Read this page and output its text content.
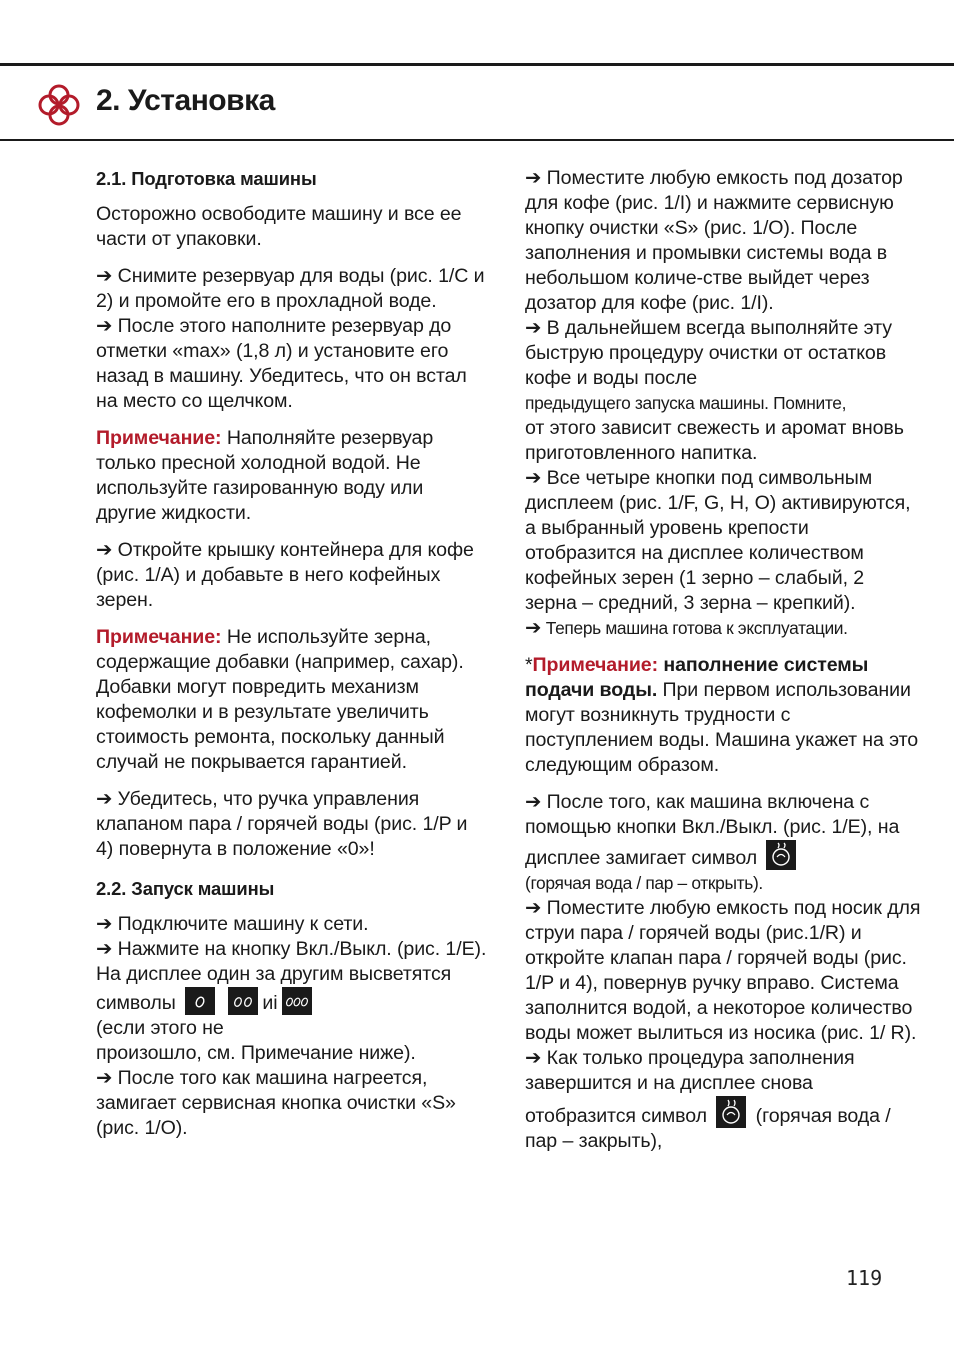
2. Установка

2.1. Подготовка машины

Осторожно освободите машину и все ее части от упаковки.

➔ Снимите резервуар для воды (рис. 1/C и 2) и промойте его в прохладной воде.

➔ После этого наполните резервуар до отметки «max» (1,8 л) и установите его назад в машину. Убедитесь, что он встал на место со щелчком.

Примечание: Наполняйте резервуар только пресной холодной водой. Не используйте газированную воду или другие жидкости.

➔ Откройте крышку контейнера для кофе (рис. 1/A) и добавьте в него кофейных зерен.

Примечание: Не используйте зерна, содержащие добавки (например, сахар). Добавки могут повредить механизм кофемолки и в результате увеличить стоимость ремонта, поскольку данный случай не покрывается гарантией.

➔ Убедитесь, что ручка управления клапаном пара / горячей воды (рис. 1/P и 4) повернута в положение «0»!

2.2. Запуск машины

➔ Подключите машину к сети.

➔ Нажмите на кнопку Вкл./Выкл. (рис. 1/E). На дисплее один за другим высветятся символы
	иi

(если этого не
произошло, см. Примечание ниже).

➔ После того как машина нагреется, замигает сервисная кнопка очистки «S» (рис. 1/O).

➔ Поместите любую емкость под дозатор для кофе (рис. 1/I) и нажмите сервисную кнопку очистки «S» (рис. 1/O). После заполнения и промывки системы вода в небольшом количе-стве выйдет через дозатор для кофе (рис. 1/I).

➔ В дальнейшем всегда выполняйте эту быструю процедуру очистки от остатков кофе и воды после
предыдущего запуска машины. Помните,
от этого зависит свежесть и аромат вновь приготовленного напитка.

➔ Все четыре кнопки под символьным дисплеем (рис. 1/F, G, H, O) активируются, а выбранный уровень крепости отобразится на дисплее количеством кофейных зерен (1 зерно – слабый, 2 зерна – средний, 3 зерна – крепкий).

➔ Теперь машина готова к эксплуатации.

*Примечание: наполнение системы подачи воды. При первом использовании могут возникнуть трудности с поступлением воды. Машина укажет на это следующим образом.

➔ После того, как машина включена с помощью кнопки Вкл./Выкл. (рис. 1/E), на дисплее замигает символ

(горячая вода / пар – открыть).

➔ Поместите любую емкость под носик для струи пара / горячей воды (рис.1/R) и откройте клапан пара / горячей воды (рис. 1/P и 4), повернув ручку вправо. Система заполнится водой, а некоторое количество воды может вылиться из носика (рис. 1/ R).

➔ Как только процедура заполнения завершится и на дисплее снова отобразится символ
(горячая вода / пар – закрыть),

119
